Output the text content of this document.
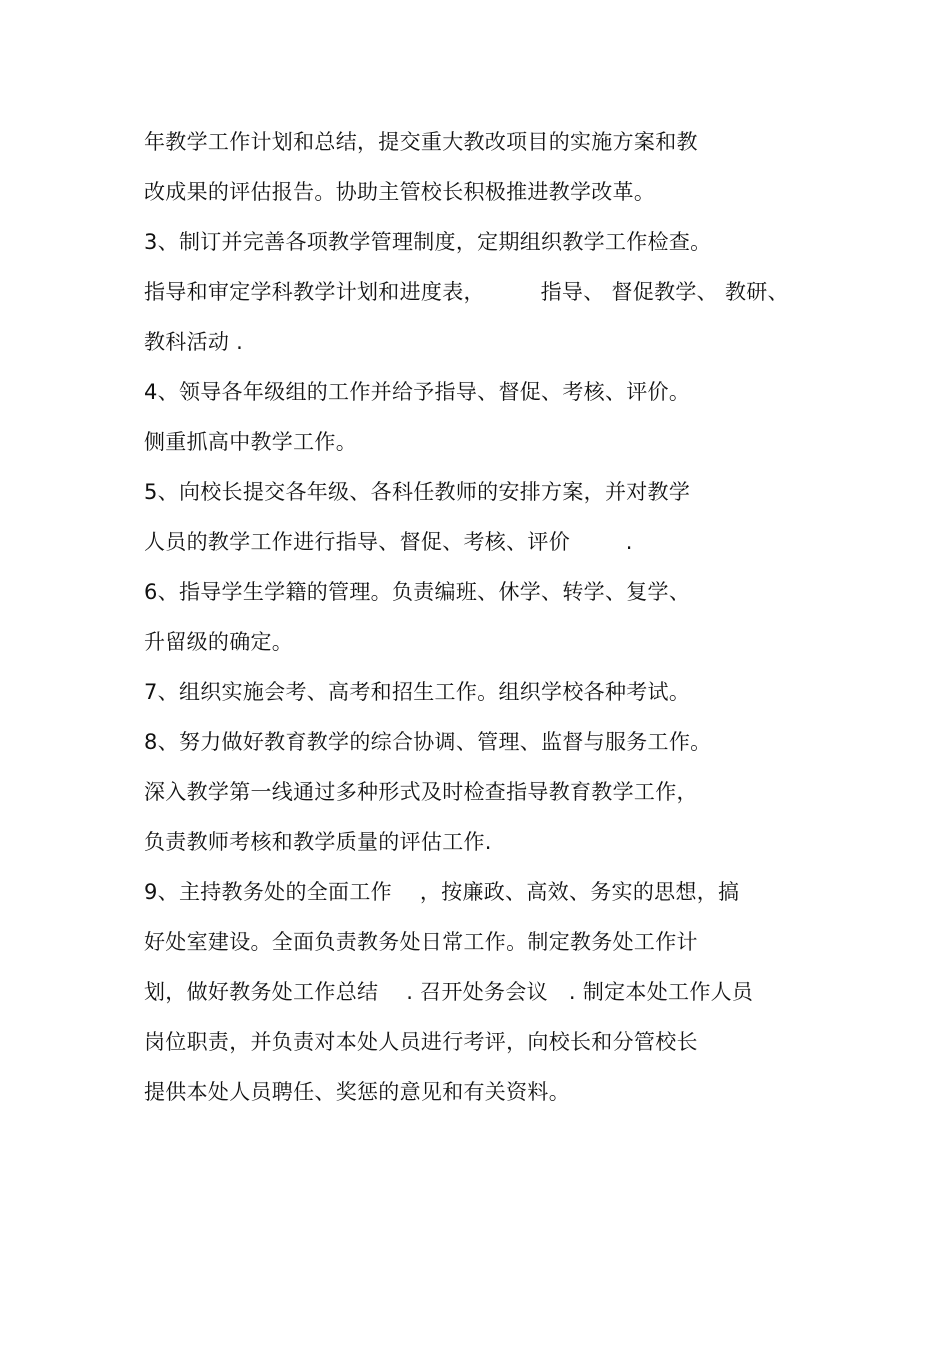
年教学工作计划和总结，提交重大教改项目的实施方案和教
改成果的评估报告。协助主管校长积极推进教学改革。
3、制订并完善各项教学管理制度，定期组织教学工作检查。
指导和审定学科教学计划和进度表，        指导、 督促教学、 教研、
教科活动 .
4、领导各年级组的工作并给予指导、督促、考核、评价。
侧重抓高中教学工作。
5、向校长提交各年级、各科任教师的安排方案，并对教学
人员的教学工作进行指导、督促、考核、评价        .
6、指导学生学籍的管理。负责编班、休学、转学、复学、
升留级的确定。
7、组织实施会考、高考和招生工作。组织学校各种考试。
8、努力做好教育教学的综合协调、管理、监督与服务工作。
深入教学第一线通过多种形式及时检查指导教育教学工作，
负责教师考核和教学质量的评估工作.
9、主持教务处的全面工作    ，按廉政、高效、务实的思想，搞
好处室建设。全面负责教务处日常工作。制定教务处工作计
划，做好教务处工作总结    . 召开处务会议   . 制定本处工作人员
岗位职责，并负责对本处人员进行考评，向校长和分管校长
提供本处人员聘任、奖惩的意见和有关资料。
